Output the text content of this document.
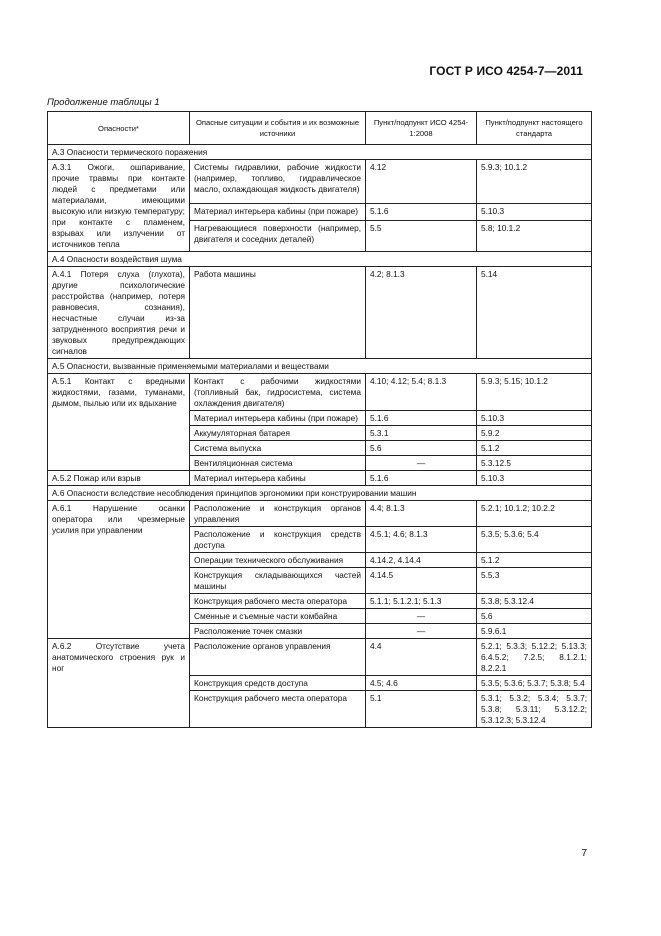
ГОСТ Р ИСО 4254-7—2011
Продолжение таблицы 1
Опасности*	Опасные ситуации и события и их возможные источники	Пункт/подпункт ИСО 4254-1:2008	Пункт/подпункт настоящего стандарта
А.3 Опасности термического поражения			
А.3.1 Ожоги, ошпаривание, прочие травмы при контакте людей с предметами или материалами, имеющими высокую или низкую температуру; при контакте с пламенем, взрывах или излучении от источников тепла	Системы гидравлики, рабочие жидкости (например, топливо, гидравлическое масло, охлаждающая жидкость двигателя)	4.12	5.9.3; 10.1.2
	Материал интерьера кабины (при пожаре)	5.1.6	5.10.3
	Нагревающиеся поверхности (например, двигателя и соседних деталей)	5.5	5.8; 10.1.2
А.4 Опасности воздействия шума			
А.4.1 Потеря слуха (глухота), другие психологические расстройства (например, потеря равновесия, сознания), несчастные случаи из-за затрудненного восприятия речи и звуковых предупреждающих сигналов	Работа машины	4.2; 8.1.3	5.14
А.5 Опасности, вызванные применяемыми материалами и веществами			
А.5.1 Контакт с вредными жидкостями, газами, туманами, дымом, пылью или их вдыхание	Контакт с рабочими жидкостями (топливный бак, гидросистема, система охлаждения двигателя)	4.10; 4.12; 5.4; 8.1.3	5.9.3; 5.15; 10.1.2
	Материал интерьера кабины (при пожаре)	5.1.6	5.10.3
	Аккумуляторная батарея	5.3.1	5.9.2
	Система выпуска	5.6	5.1.2
	Вентиляционная система	—	5.3.12.5
А.5.2 Пожар или взрыв	Материал интерьера кабины	5.1.6	5.10.3
А.6 Опасности вследствие несоблюдения принципов эргономики при конструировании машин			
А.6.1 Нарушение осанки оператора или чрезмерные усилия при управлении	Расположение и конструкция органов управления	4.4; 8.1.3	5.2.1; 10.1.2; 10.2.2
	Расположение и конструкция средств доступа	4.5.1; 4.6; 8.1.3	5.3.5; 5.3.6; 5.4
	Операции технического обслуживания	4.14.2, 4.14.4	5.1.2
	Конструкция складывающихся частей машины	4.14.5	5.5.3
	Конструкция рабочего места оператора	5.1.1; 5.1.2.1; 5.1.3	5.3.8; 5.3.12.4
	Сменные и съемные части комбайна	—	5.6
	Расположение точек смазки	—	5.9.6.1
А.6.2 Отсутствие учета анатомического строения рук и ног	Расположение органов управления	4.4	5.2.1; 5.3.3; 5.12.2; 5.13.3; 6.4.5.2; 7.2.5; 8.1.2.1; 8.2.2.1
	Конструкция средств доступа	4.5; 4.6	5.3.5; 5.3.6; 5.3.7; 5.3.8; 5.4
	Конструкция рабочего места оператора	5.1	5.3.1; 5.3.2; 5.3.4; 5.3.7; 5.3.8; 5.3.11; 5.3.12.2; 5.3.12.3; 5.3.12.4
7
